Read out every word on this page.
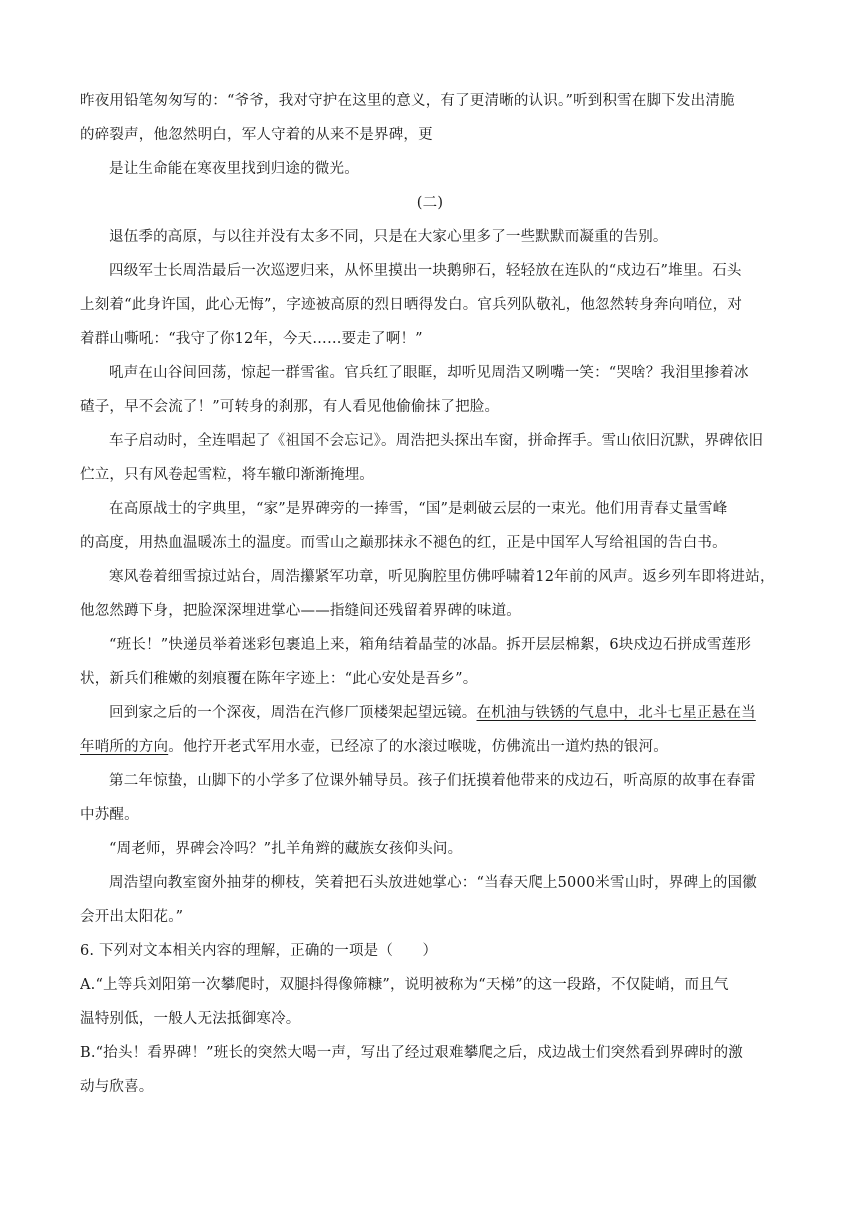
昨夜用铅笔匆匆写的：“爷爷，我对守护在这里的意义，有了更清晰的认识。”听到积雪在脚下发出清脆
的碎裂声，他忽然明白，军人守着的从来不是界碑，更
是让生命能在寒夜里找到归途的微光。
(二)
退伍季的高原，与以往并没有太多不同，只是在大家心里多了一些默默而凝重的告别。
四级军士长周浩最后一次巡逻归来，从怀里摸出一块鹅卵石，轻轻放在连队的“戍边石”堆里。石头
上刻着“此身许国，此心无悔”，字迹被高原的烈日晒得发白。官兵列队敬礼，他忽然转身奔向哨位，对
着群山嘶吼：“我守了你12年，今天……要走了啊！”
吼声在山谷间回荡，惊起一群雪雀。官兵红了眼眶，却听见周浩又咧嘴一笑：“哭啥？我泪里掺着冰
碴子，早不会流了！”可转身的刹那，有人看见他偷偷抹了把脸。
车子启动时，全连唱起了《祖国不会忘记》。周浩把头探出车窗，拼命挥手。雪山依旧沉默，界碑依旧
伫立，只有风卷起雪粒，将车辙印渐渐掩埋。
在高原战士的字典里，“家”是界碑旁的一捧雪，“国”是刺破云层的一束光。他们用青春丈量雪峰
的高度，用热血温暖冻土的温度。而雪山之巅那抹永不褪色的红，正是中国军人写给祖国的告白书。
寒风卷着细雪掠过站台，周浩攥紧军功章，听见胸腔里仿佛呼啸着12年前的风声。返乡列车即将进站，
他忽然蹲下身，把脸深深埋进掌心——指缝间还残留着界碑的味道。
“班长！”快递员举着迷彩包裹追上来，箱角结着晶莹的冰晶。拆开层层棉絮，6块戍边石拼成雪莲形
状，新兵们稚嫩的刻痕覆在陈年字迹上：“此心安处是吾乡”。
回到家之后的一个深夜，周浩在汽修厂顶楼架起望远镜。在机油与铁锈的气息中，北斗七星正悬在当
年哨所的方向。他拧开老式军用水壶，已经凉了的水滚过喉咙，仿佛流出一道灼热的银河。
第二年惊蛰，山脚下的小学多了位课外辅导员。孩子们抚摸着他带来的戍边石，听高原的故事在春雷
中苏醒。
“周老师，界碑会冷吗？”扎羊角辫的藏族女孩仰头问。
周浩望向教室窗外抽芽的柳枝，笑着把石头放进她掌心：“当春天爬上5000米雪山时，界碑上的国徽
会开出太阳花。”
6. 下列对文本相关内容的理解，正确的一项是（　　）
A.“上等兵刘阳第一次攀爬时，双腿抖得像筛糠”，说明被称为“天梯”的这一段路，不仅陡峭，而且气
温特别低，一般人无法抵御寒冷。
B.“抬头！看界碑！”班长的突然大喝一声，写出了经过艰难攀爬之后，戍边战士们突然看到界碑时的激
动与欣喜。
